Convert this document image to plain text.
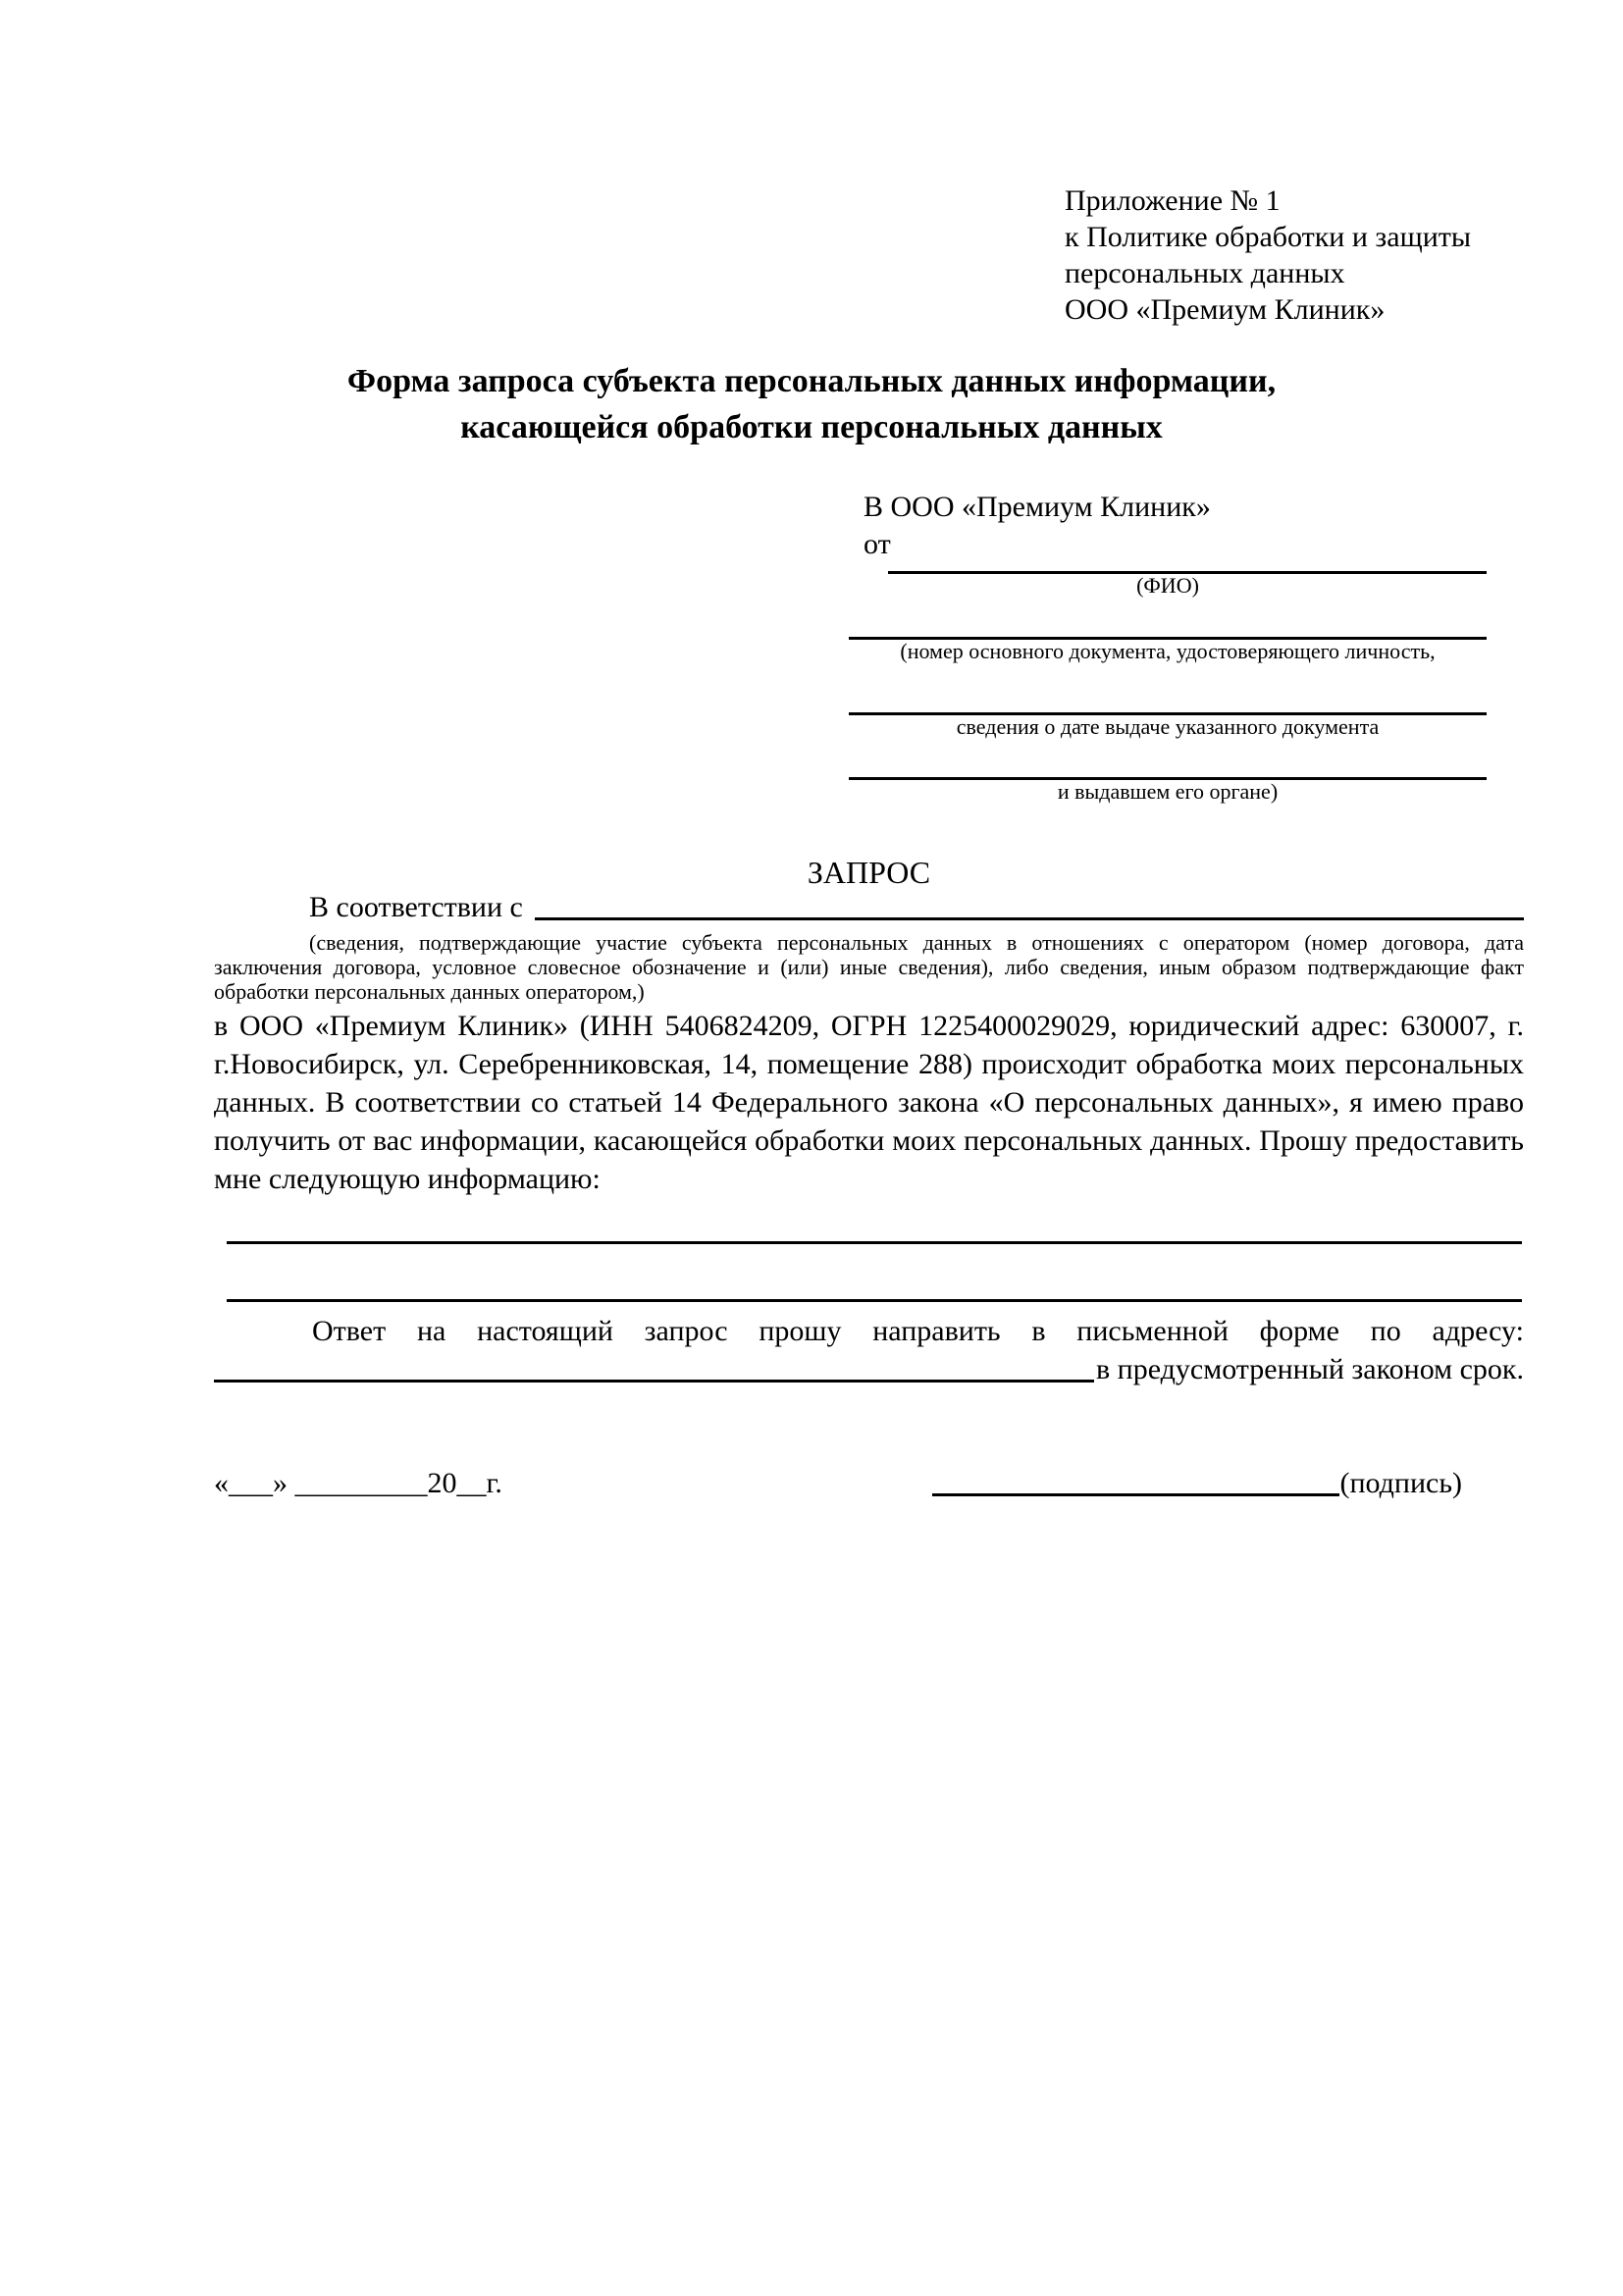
Приложение № 1
к Политике обработки и защиты
персональных данных
ООО «Премиум Клиник»
Форма запроса субъекта персональных данных информации,
касающейся обработки персональных данных
В ООО «Премиум Клиник»
от
(ФИО)
(номер основного документа, удостоверяющего личность,
сведения о дате выдаче указанного документа
и выдавшем его органе)
ЗАПРОС
В соответствии с
(сведения, подтверждающие участие субъекта персональных данных в отношениях с оператором (номер договора, дата заключения договора, условное словесное обозначение и (или) иные сведения), либо сведения, иным образом подтверждающие факт обработки персональных данных оператором,)
в ООО «Премиум Клиник» (ИНН 5406824209, ОГРН 1225400029029, юридический адрес: 630007, г. г.Новосибирск, ул. Серебренниковская, 14, помещение 288) происходит обработка моих персональных данных. В соответствии со статьей 14 Федерального закона «О персональных данных», я имею право получить от вас информации, касающейся обработки моих персональных данных. Прошу предоставить мне следующую информацию:
Ответ на настоящий запрос прошу направить в письменной форме по адресу:
в предусмотренный законом срок.
«___» _________20__г.	(подпись)
